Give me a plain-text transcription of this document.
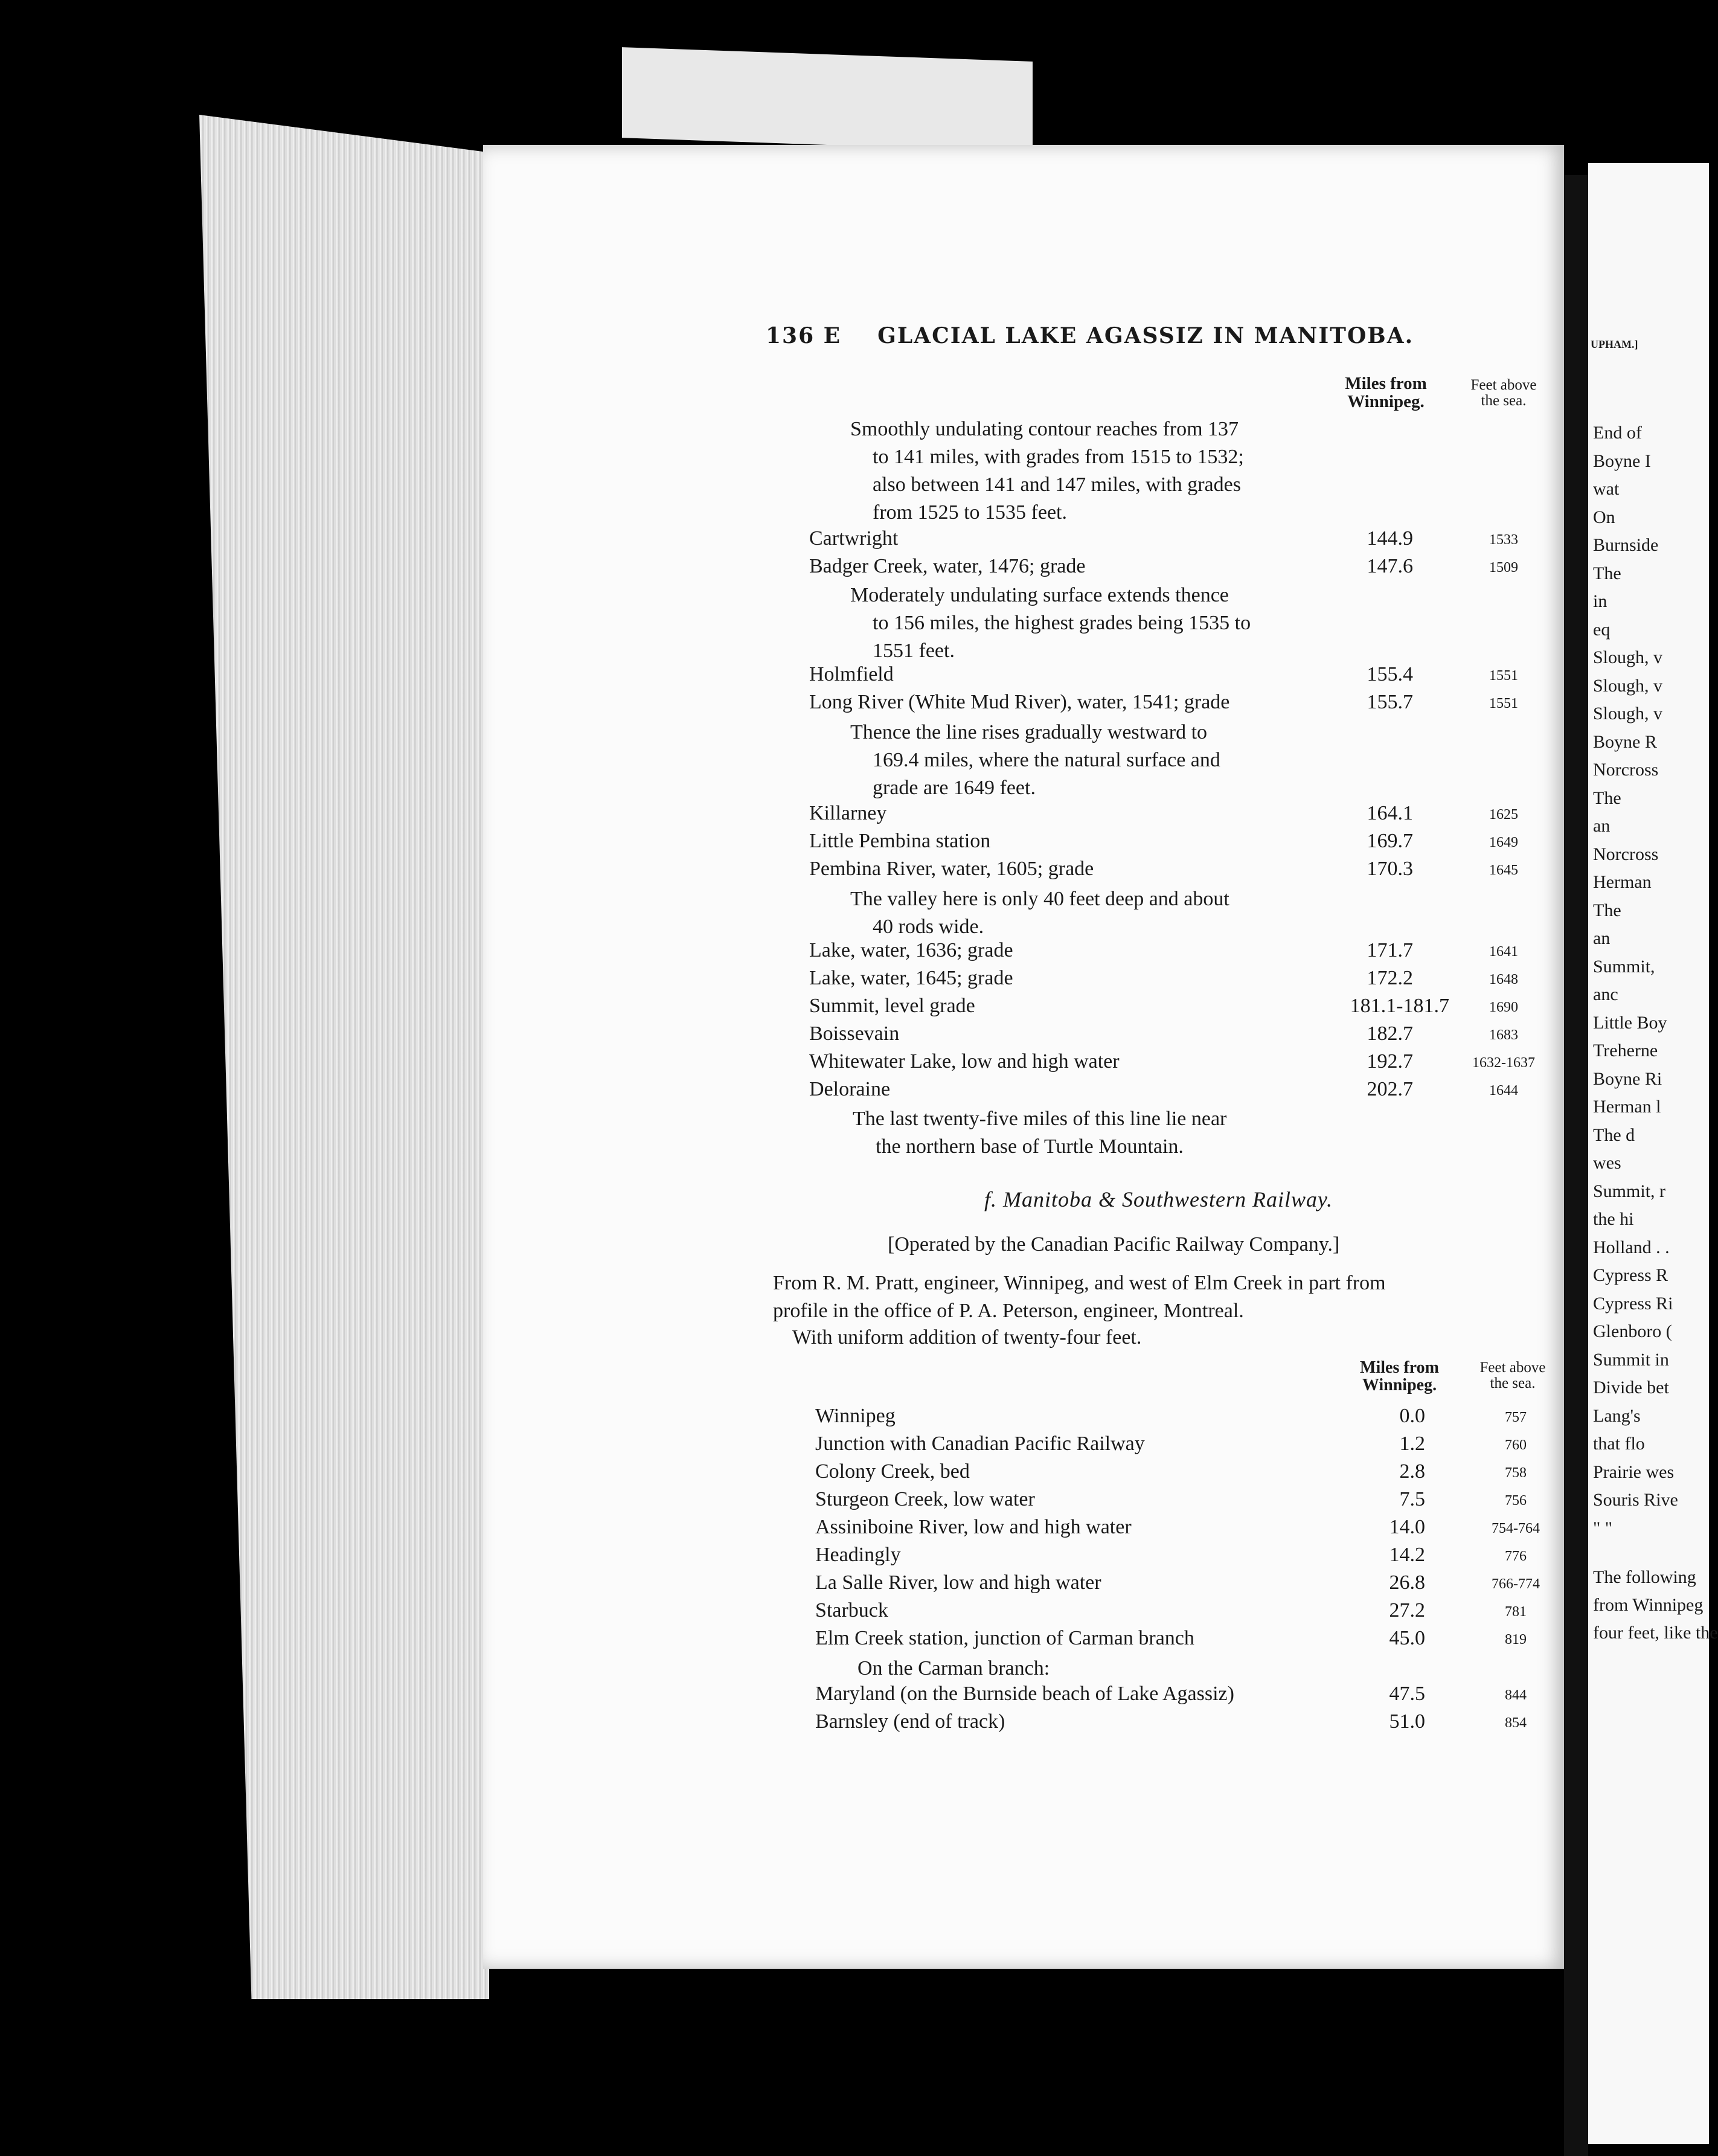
UPHAM.]
End of
Boyne I
wat
On
Burnside
The
in
eq
Slough, v
Slough, v
Slough, v
Boyne R
Norcross
The
an
Norcross
Herman
The
an
Summit,
anc
Little Boy
Treherne
Boyne Ri
Herman l
The d
wes
Summit, r
the hi
Holland . .
Cypress R
Cypress Ri
Glenboro (
Summit in
Divide bet
Lang's
that flo
Prairie wes
Souris Rive
" "
The following
from Winnipeg
four feet, like the
136 E GLACIAL LAKE AGASSIZ IN MANITOBA.
Miles from
Winnipeg.
Feet above
the sea.
Smoothly undulating contour reaches from 137
to 141 miles, with grades from 1515 to 1532;
also between 141 and 147 miles, with grades
from 1525 to 1535 feet.
Cartwright	144.9	1533
Badger Creek, water, 1476; grade	147.6	1509
Moderately undulating surface extends thence
to 156 miles, the highest grades being 1535 to
1551 feet.
Holmfield	155.4	1551
Long River (White Mud River), water, 1541; grade	155.7	1551
Thence the line rises gradually westward to
169.4 miles, where the natural surface and
grade are 1649 feet.
Killarney	164.1	1625
Little Pembina station	169.7	1649
Pembina River, water, 1605; grade	170.3	1645
The valley here is only 40 feet deep and about
40 rods wide.
Lake, water, 1636; grade	171.7	1641
Lake, water, 1645; grade	172.2	1648
Summit, level grade	181.1-181.7	1690
Boissevain	182.7	1683
Whitewater Lake, low and high water	192.7	1632-1637
Deloraine	202.7	1644
The last twenty-five miles of this line lie near
the northern base of Turtle Mountain.
f. Manitoba & Southwestern Railway.
[Operated by the Canadian Pacific Railway Company.]
From R. M. Pratt, engineer, Winnipeg, and west of Elm Creek in part from
profile in the office of P. A. Peterson, engineer, Montreal.
With uniform addition of twenty-four feet.
Miles from
Winnipeg.
Feet above
the sea.
Winnipeg	0.0	757
Junction with Canadian Pacific Railway	1.2	760
Colony Creek, bed	2.8	758
Sturgeon Creek, low water	7.5	756
Assiniboine River, low and high water	14.0	754-764
Headingly	14.2	776
La Salle River, low and high water	26.8	766-774
Starbuck	27.2	781
Elm Creek station, junction of Carman branch	45.0	819
On the Carman branch:
Maryland (on the Burnside beach of Lake Agassiz)	47.5	844
Barnsley (end of track)	51.0	854
